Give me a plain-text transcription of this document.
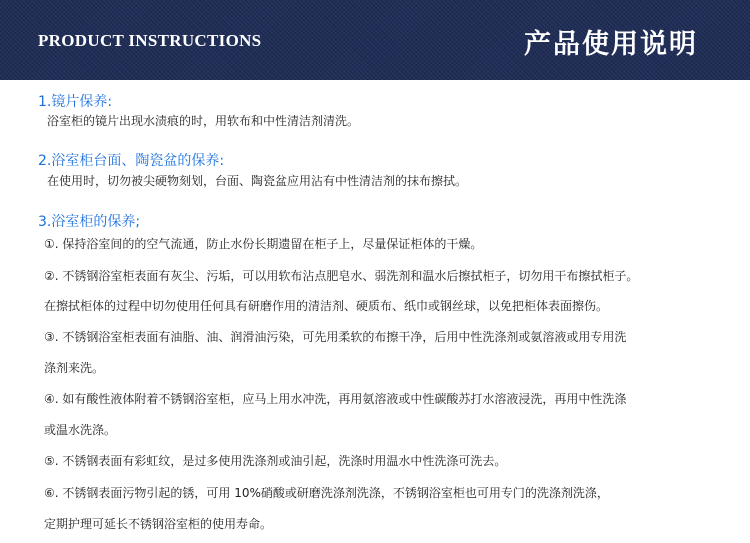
PRODUCT INSTRUCTIONS	产品使用说明
1.镜片保养:
浴室柜的镜片出现水渍痕的时，用软布和中性清洁剂清洗。
2.浴室柜台面、陶瓷盆的保养:
在使用时，切勿被尖硬物刻划，台面、陶瓷盆应用沾有中性清洁剂的抹布擦拭。
3.浴室柜的保养;
①. 保持浴室间的的空气流通，防止水份长期遗留在柜子上，尽量保证柜体的干燥。
②. 不锈钢浴室柜表面有灰尘、污垢，可以用软布沾点肥皂水、弱洗剂和温水后擦拭柜子，切勿用干布擦拭柜子。
在擦拭柜体的过程中切勿使用任何具有研磨作用的清洁剂、硬质布、纸巾或钢丝球，以免把柜体表面擦伤。
③. 不锈钢浴室柜表面有油脂、油、润滑油污染，可先用柔软的布擦干净，后用中性洗涤剂或氨溶液或用专用洗
涤剂来洗。
④. 如有酸性液体附着不锈钢浴室柜，应马上用水冲洗，再用氨溶液或中性碳酸苏打水溶液浸洗，再用中性洗涤
或温水洗涤。
⑤. 不锈钢表面有彩虹纹，是过多使用洗涤剂或油引起，洗涤时用温水中性洗涤可洗去。
⑥. 不锈钢表面污物引起的锈，可用 10%硝酸或研磨洗涤剂洗涤，不锈钢浴室柜也可用专门的洗涤剂洗涤，
定期护理可延长不锈钢浴室柜的使用寿命。
